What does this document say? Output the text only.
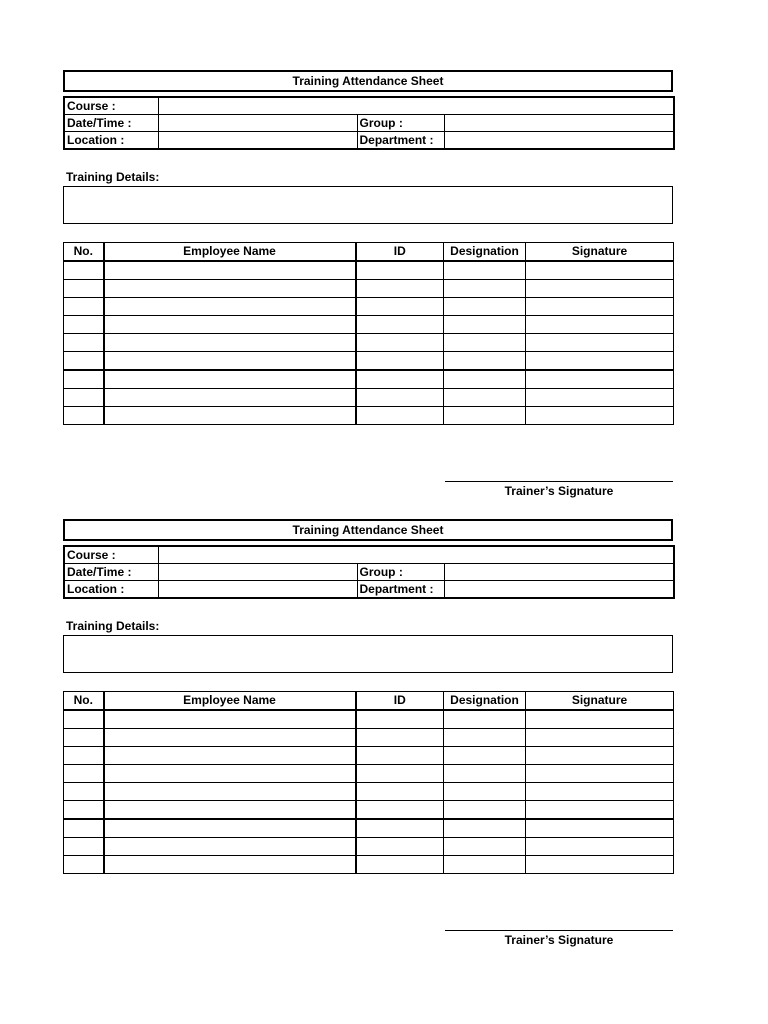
Training Attendance Sheet
Course :			
Date/Time :		Group :	
Location :		Department :	
Training Details:
No.	Employee Name	ID	Designation	Signature

Trainer’s Signature
Training Attendance Sheet
Course :			
Date/Time :		Group :	
Location :		Department :	
Training Details:
No.	Employee Name	ID	Designation	Signature

Trainer’s Signature
